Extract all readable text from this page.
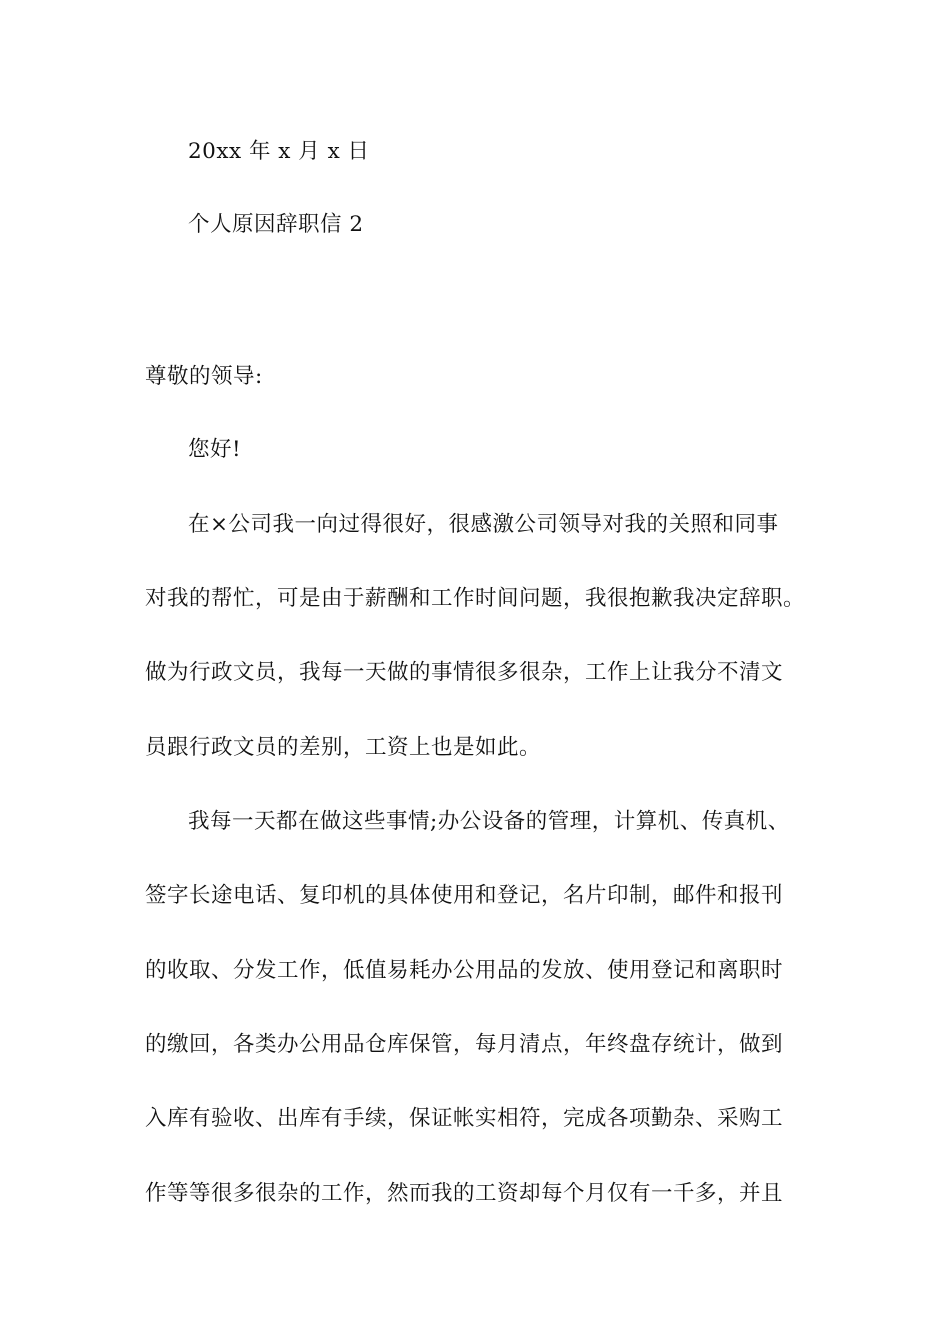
20xx 年 x 月 x 日
个人原因辞职信 2
尊敬的领导:
您好!
在×公司我一向过得很好，很感激公司领导对我的关照和同事
对我的帮忙，可是由于薪酬和工作时间问题，我很抱歉我决定辞职。
做为行政文员，我每一天做的事情很多很杂，工作上让我分不清文
员跟行政文员的差别，工资上也是如此。
我每一天都在做这些事情;办公设备的管理，计算机、传真机、
签字长途电话、复印机的具体使用和登记，名片印制，邮件和报刊
的收取、分发工作，低值易耗办公用品的发放、使用登记和离职时
的缴回，各类办公用品仓库保管，每月清点，年终盘存统计，做到
入库有验收、出库有手续，保证帐实相符，完成各项勤杂、采购工
作等等很多很杂的工作，然而我的工资却每个月仅有一千多，并且
